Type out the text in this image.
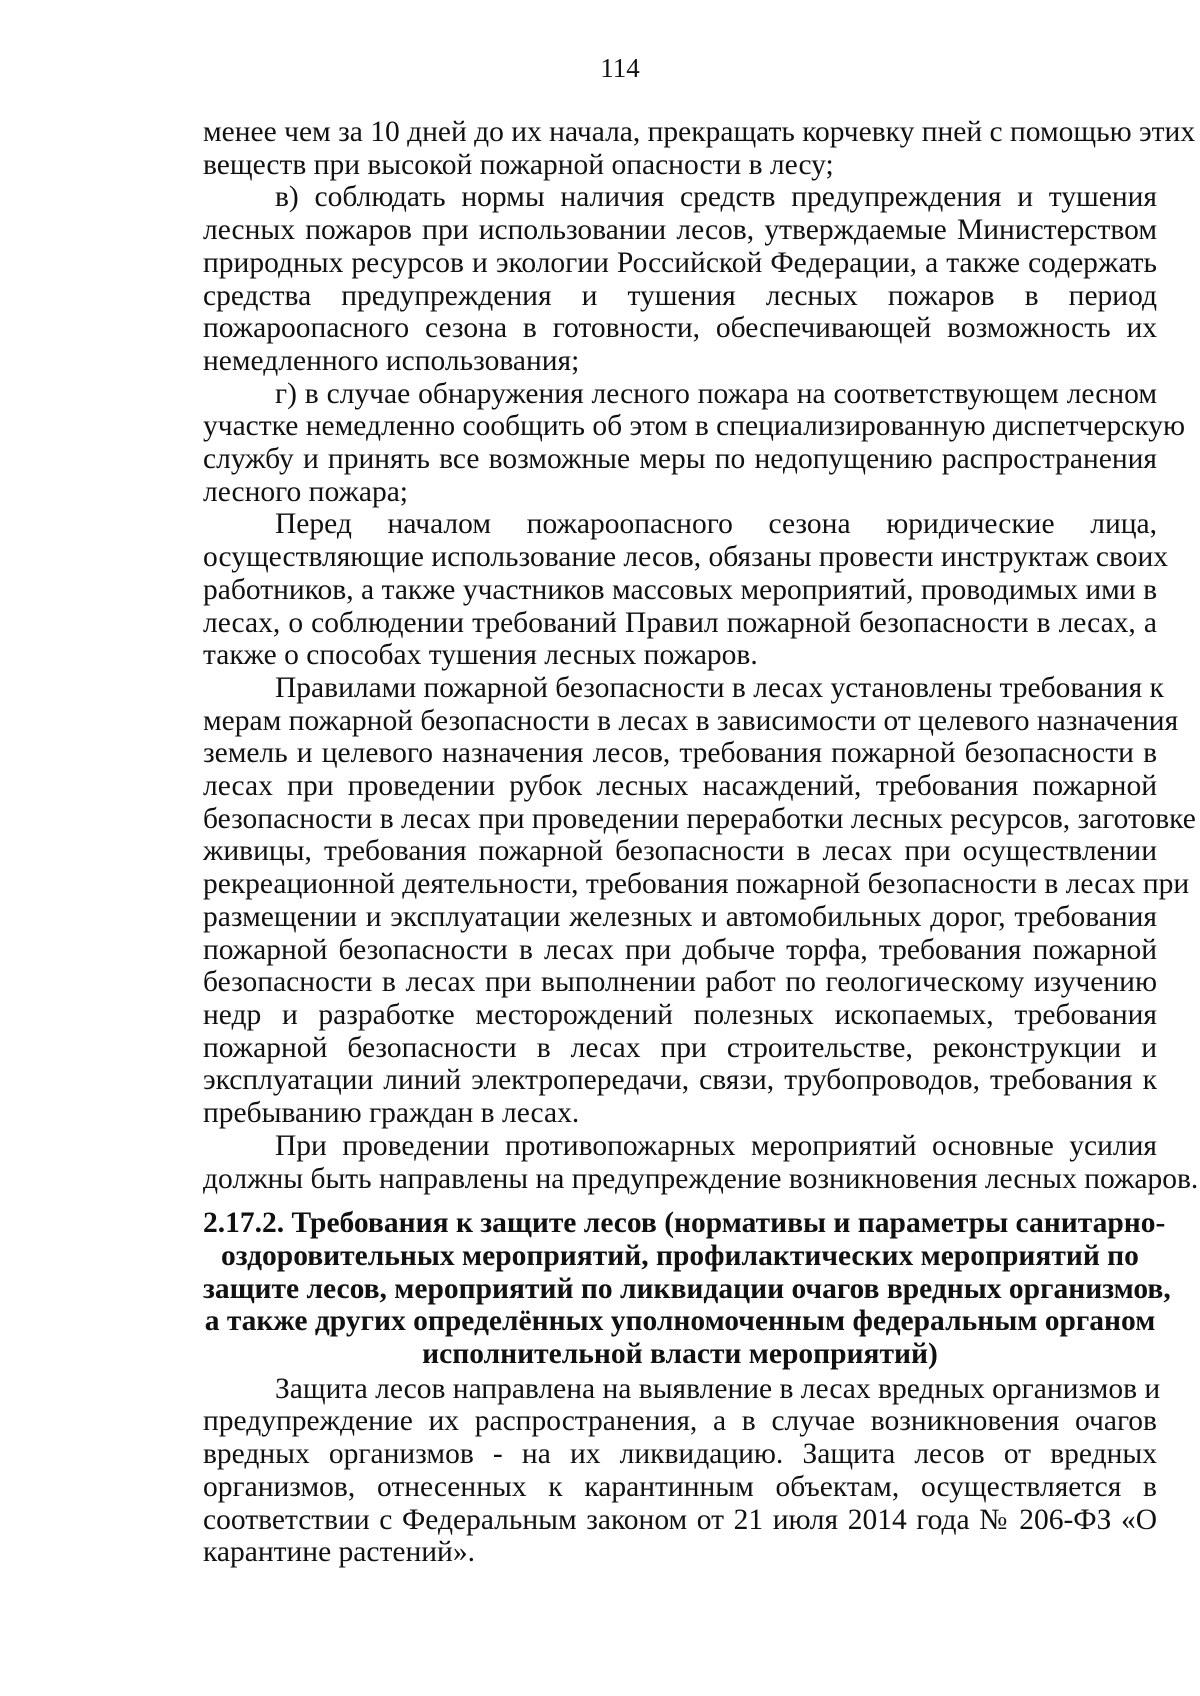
114
менее чем за 10 дней до их начала, прекращать корчевку пней с помощью этих
веществ при высокой пожарной опасности в лесу;
в) соблюдать нормы наличия средств предупреждения и тушения
лесных пожаров при использовании лесов, утверждаемые Министерством
природных ресурсов и экологии Российской Федерации, а также содержать
средства предупреждения и тушения лесных пожаров в период
пожароопасного сезона в готовности, обеспечивающей возможность их
немедленного использования;
г) в случае обнаружения лесного пожара на соответствующем лесном
участке немедленно сообщить об этом в специализированную диспетчерскую
службу и принять все возможные меры по недопущению распространения
лесного пожара;
Перед началом пожароопасного сезона юридические лица,
осуществляющие использование лесов, обязаны провести инструктаж своих
работников, а также участников массовых мероприятий, проводимых ими в
лесах, о соблюдении требований Правил пожарной безопасности в лесах, а
также о способах тушения лесных пожаров.
Правилами пожарной безопасности в лесах установлены требования к
мерам пожарной безопасности в лесах в зависимости от целевого назначения
земель и целевого назначения лесов, требования пожарной безопасности в
лесах при проведении рубок лесных насаждений, требования пожарной
безопасности в лесах при проведении переработки лесных ресурсов, заготовке
живицы, требования пожарной безопасности в лесах при осуществлении
рекреационной деятельности, требования пожарной безопасности в лесах при
размещении и эксплуатации железных и автомобильных дорог, требования
пожарной безопасности в лесах при добыче торфа, требования пожарной
безопасности в лесах при выполнении работ по геологическому изучению
недр и разработке месторождений полезных ископаемых, требования
пожарной безопасности в лесах при строительстве, реконструкции и
эксплуатации линий электропередачи, связи, трубопроводов, требования к
пребыванию граждан в лесах.
При проведении противопожарных мероприятий основные усилия
должны быть направлены на предупреждение возникновения лесных пожаров.
2.17.2. Требования к защите лесов (нормативы и параметры санитарно-
оздоровительных мероприятий, профилактических мероприятий по
защите лесов, мероприятий по ликвидации очагов вредных организмов,
а также других определённых уполномоченным федеральным органом
исполнительной власти мероприятий)
Защита лесов направлена на выявление в лесах вредных организмов и
предупреждение их распространения, а в случае возникновения очагов
вредных организмов - на их ликвидацию. Защита лесов от вредных
организмов, отнесенных к карантинным объектам, осуществляется в
соответствии с Федеральным законом от 21 июля 2014 года № 206-ФЗ «О
карантине растений».
